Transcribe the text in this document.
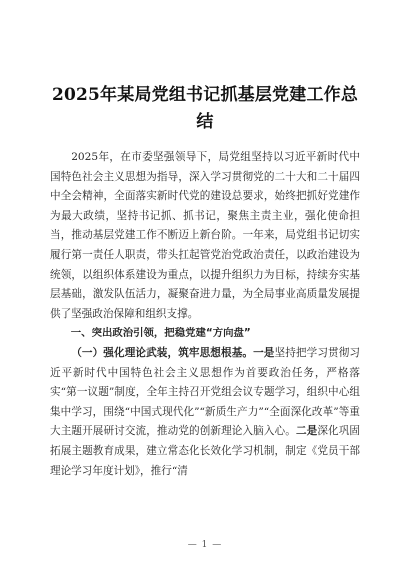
2025年某局党组书记抓基层党建工作总结

2025年，在市委坚强领导下，局党组坚持以习近平新时代中国特色社会主义思想为指导，深入学习贯彻党的二十大和二十届四中全会精神，全面落实新时代党的建设总要求，始终把抓好党建作为最大政绩，坚持书记抓、抓书记，聚焦主责主业，强化使命担当，推动基层党建工作不断迈上新台阶。一年来，局党组书记切实履行第一责任人职责，带头扛起管党治党政治责任，以政治建设为统领，以组织体系建设为重点，以提升组织力为目标，持续夯实基层基础，激发队伍活力，凝聚奋进力量，为全局事业高质量发展提供了坚强政治保障和组织支撑。

一、突出政治引领，把稳党建“方向盘”

（一）强化理论武装，筑牢思想根基。一是坚持把学习贯彻习近平新时代中国特色社会主义思想作为首要政治任务，严格落实“第一议题”制度，全年主持召开党组会议专题学习，组织中心组集中学习，围绕“中国式现代化”“新质生产力”“全面深化改革”等重大主题开展研讨交流，推动党的创新理论入脑入心。二是深化巩固拓展主题教育成果，建立常态化长效化学习机制，制定《党员干部理论学习年度计划》，推行“清

— 1 —
